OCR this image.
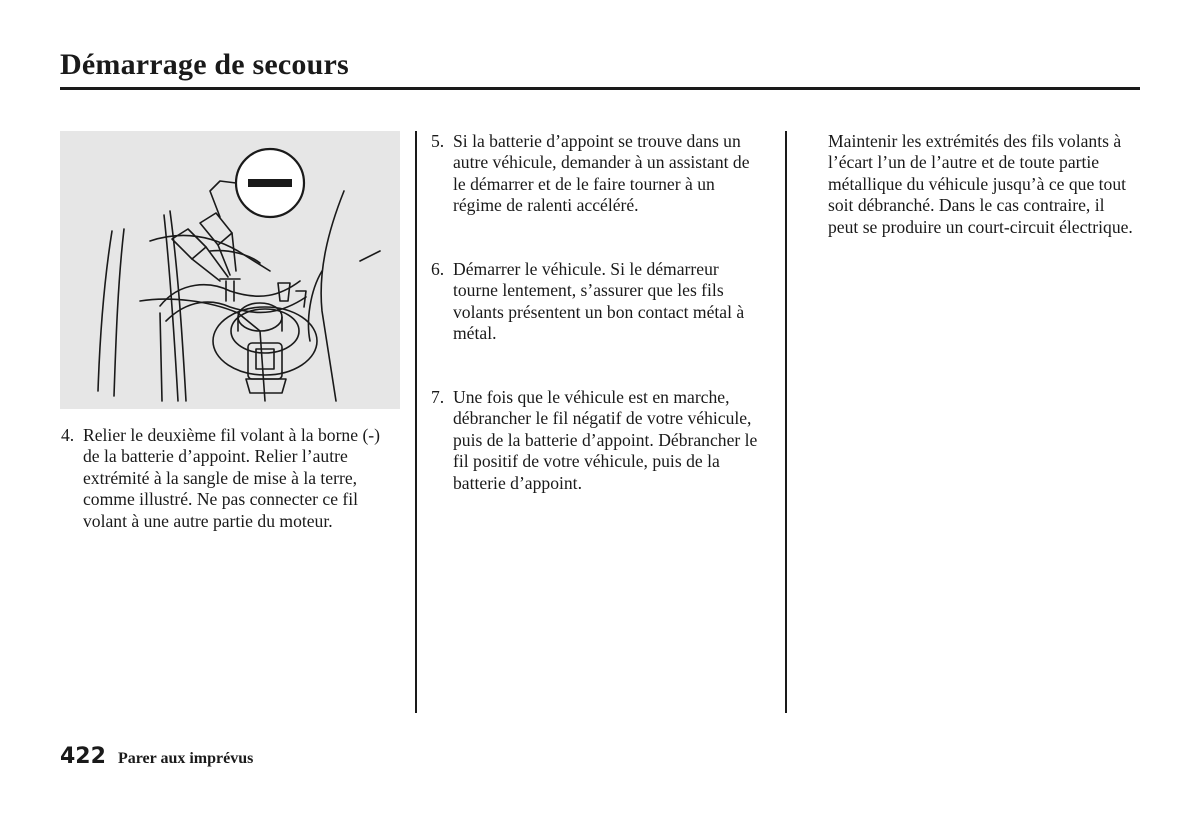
Démarrage de secours
4. Relier le deuxième fil volant à la borne (-) de la batterie d’appoint. Relier l’autre extrémité à la sangle de mise à la terre, comme illustré. Ne pas connecter ce fil volant à une autre partie du moteur.
5. Si la batterie d’appoint se trouve dans un autre véhicule, demander à un assistant de le démarrer et de le faire tourner à un régime de ralenti accéléré.
6. Démarrer le véhicule. Si le démarreur tourne lentement, s’assurer que les fils volants présentent un bon contact métal à métal.
7. Une fois que le véhicule est en marche, débrancher le fil négatif de votre véhicule, puis de la batterie d’appoint. Débrancher le fil positif de votre véhicule, puis de la batterie d’appoint.
Maintenir les extrémités des fils volants à l’écart l’un de l’autre et de toute partie métallique du véhicule jusqu’à ce que tout soit débranché. Dans le cas contraire, il peut se produire un court-circuit électrique.
422 Parer aux imprévus
